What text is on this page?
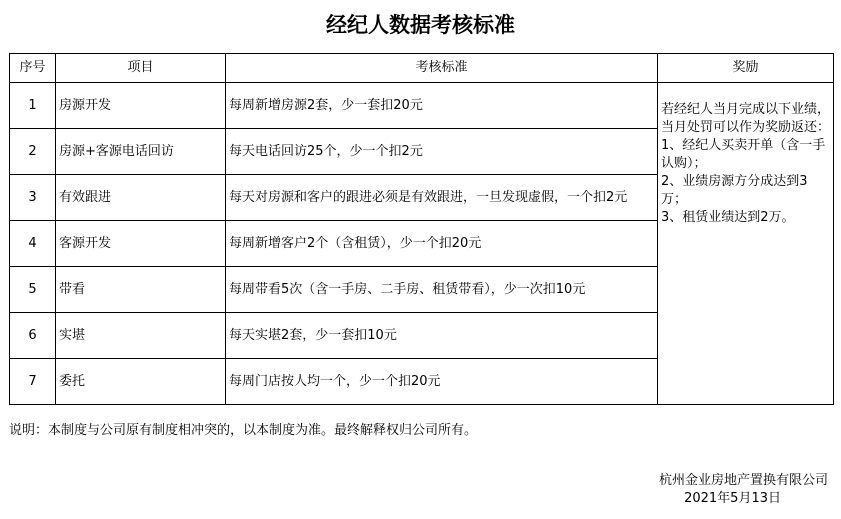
经纪人数据考核标准
序号	项目	考核标准	奖励
1	房源开发	每周新增房源2套，少一套扣20元	若经纪人当月完成以下业绩，当月处罚可以作为奖励返还：
1、经纪人买卖开单（含一手认购）；
2、业绩房源方分成达到3万；
3、租赁业绩达到2万。
2	房源+客源电话回访	每天电话回访25个，少一个扣2元	
3	有效跟进	每天对房源和客户的跟进必须是有效跟进，一旦发现虚假，一个扣2元	
4	客源开发	每周新增客户2个（含租赁），少一个扣20元	
5	带看	每周带看5次（含一手房、二手房、租赁带看），少一次扣10元	
6	实堪	每天实堪2套，少一套扣10元	
7	委托	每周门店按人均一个，少一个扣20元	
说明：本制度与公司原有制度相冲突的，以本制度为准。最终解释权归公司所有。
杭州金业房地产置换有限公司
2021年5月13日
